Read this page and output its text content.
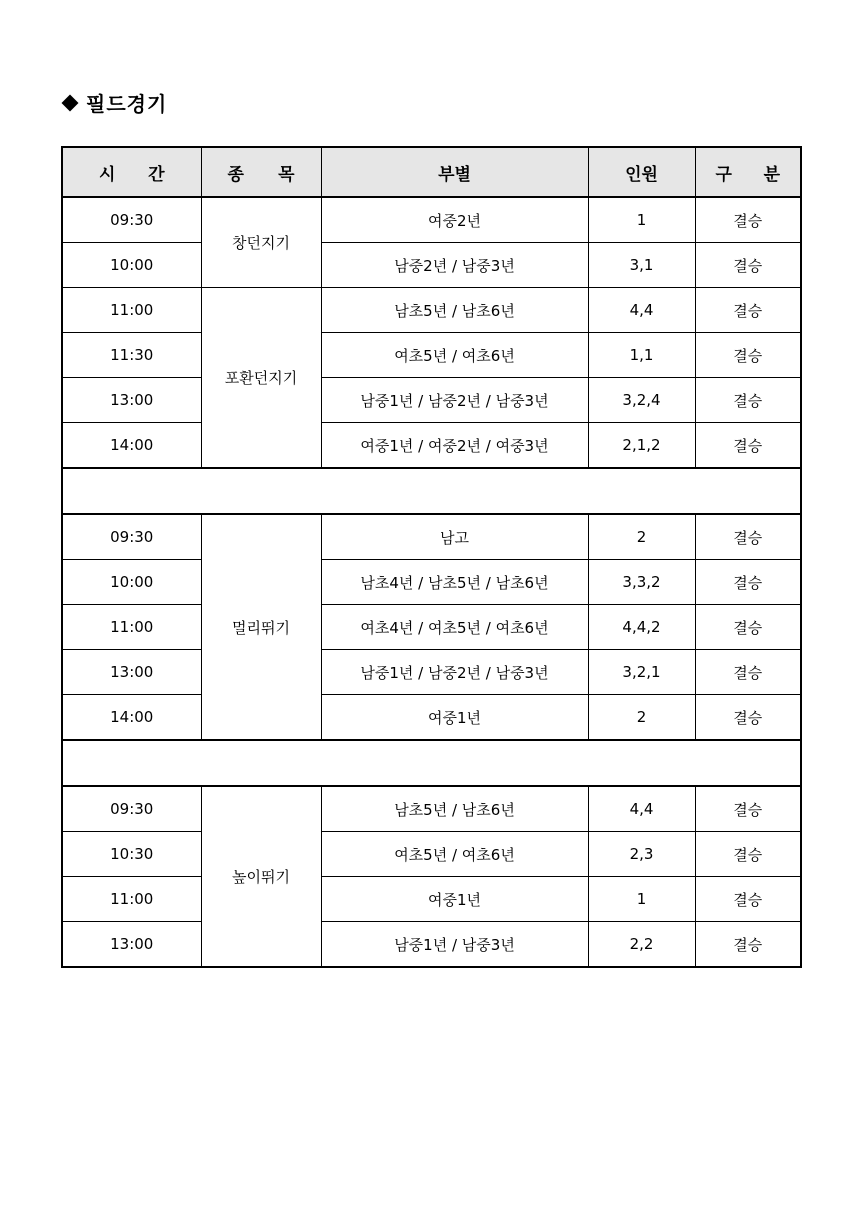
필드경기
시 간	종 목	부별	인원	구 분

09:30	창던지기	여중2년	1	결승
10:00		남중2년 / 남중3년	3,1	결승
11:00	포환던지기	남초5년 / 남초6년	4,4	결승
11:30		여초5년 / 여초6년	1,1	결승
13:00		남중1년 / 남중2년 / 남중3년	3,2,4	결승
14:00		여중1년 / 여중2년 / 여중3년	2,1,2	결승

09:30	멀리뛰기	남고	2	결승
10:00		남초4년 / 남초5년 / 남초6년	3,3,2	결승
11:00		여초4년 / 여초5년 / 여초6년	4,4,2	결승
13:00		남중1년 / 남중2년 / 남중3년	3,2,1	결승
14:00		여중1년	2	결승

09:30	높이뛰기	남초5년 / 남초6년	4,4	결승
10:30		여초5년 / 여초6년	2,3	결승
11:00		여중1년	1	결승
13:00		남중1년 / 남중3년	2,2	결승
